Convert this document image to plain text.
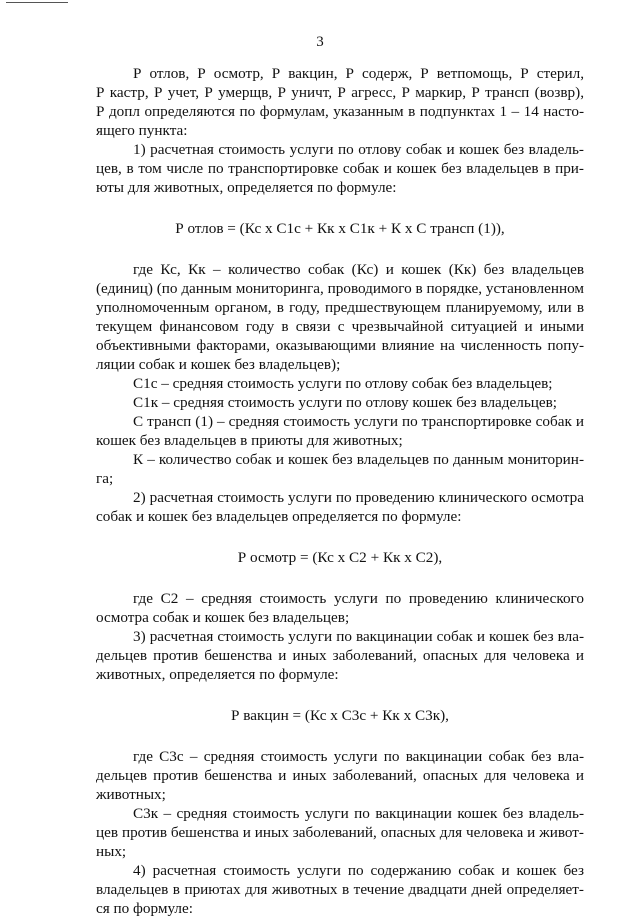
3
Р отлов, Р осмотр, Р вакцин, Р содерж, Р ветпомощь, Р стерил,
Р кастр, Р учет, Р умерщв, Р уничт, Р агресс, Р маркир, Р трансп (возвр),
Р допл определяются по формулам, указанным в подпунктах 1 – 14 насто-
ящего пункта:
1) расчетная стоимость услуги по отлову собак и кошек без владель-
цев, в том числе по транспортировке собак и кошек без владельцев в при-
юты для животных, определяется по формуле:
Р отлов = (Кс x С1с + Кк x С1к + К x С трансп (1)),
где Кс, Кк – количество собак (Кс) и кошек (Кк) без владельцев
(единиц) (по данным мониторинга, проводимого в порядке, установленном
уполномоченным органом, в году, предшествующем планируемому, или в
текущем финансовом году в связи с чрезвычайной ситуацией и иными
объективными факторами, оказывающими влияние на численность попу-
ляции собак и кошек без владельцев);
С1с – средняя стоимость услуги по отлову собак без владельцев;
С1к – средняя стоимость услуги по отлову кошек без владельцев;
С трансп (1) – средняя стоимость услуги по транспортировке собак и
кошек без владельцев в приюты для животных;
К – количество собак и кошек без владельцев по данным мониторин-
га;
2) расчетная стоимость услуги по проведению клинического осмотра
собак и кошек без владельцев определяется по формуле:
Р осмотр = (Кс x С2 + Кк x С2),
где С2 – средняя стоимость услуги по проведению клинического
осмотра собак и кошек без владельцев;
3) расчетная стоимость услуги по вакцинации собак и кошек без вла-
дельцев против бешенства и иных заболеваний, опасных для человека и
животных, определяется по формуле:
Р вакцин = (Кс x С3с + Кк x С3к),
где С3с – средняя стоимость услуги по вакцинации собак без вла-
дельцев против бешенства и иных заболеваний, опасных для человека и
животных;
С3к – средняя стоимость услуги по вакцинации кошек без владель-
цев против бешенства и иных заболеваний, опасных для человека и живот-
ных;
4) расчетная стоимость услуги по содержанию собак и кошек без
владельцев в приютах для животных в течение двадцати дней определяет-
ся по формуле:
